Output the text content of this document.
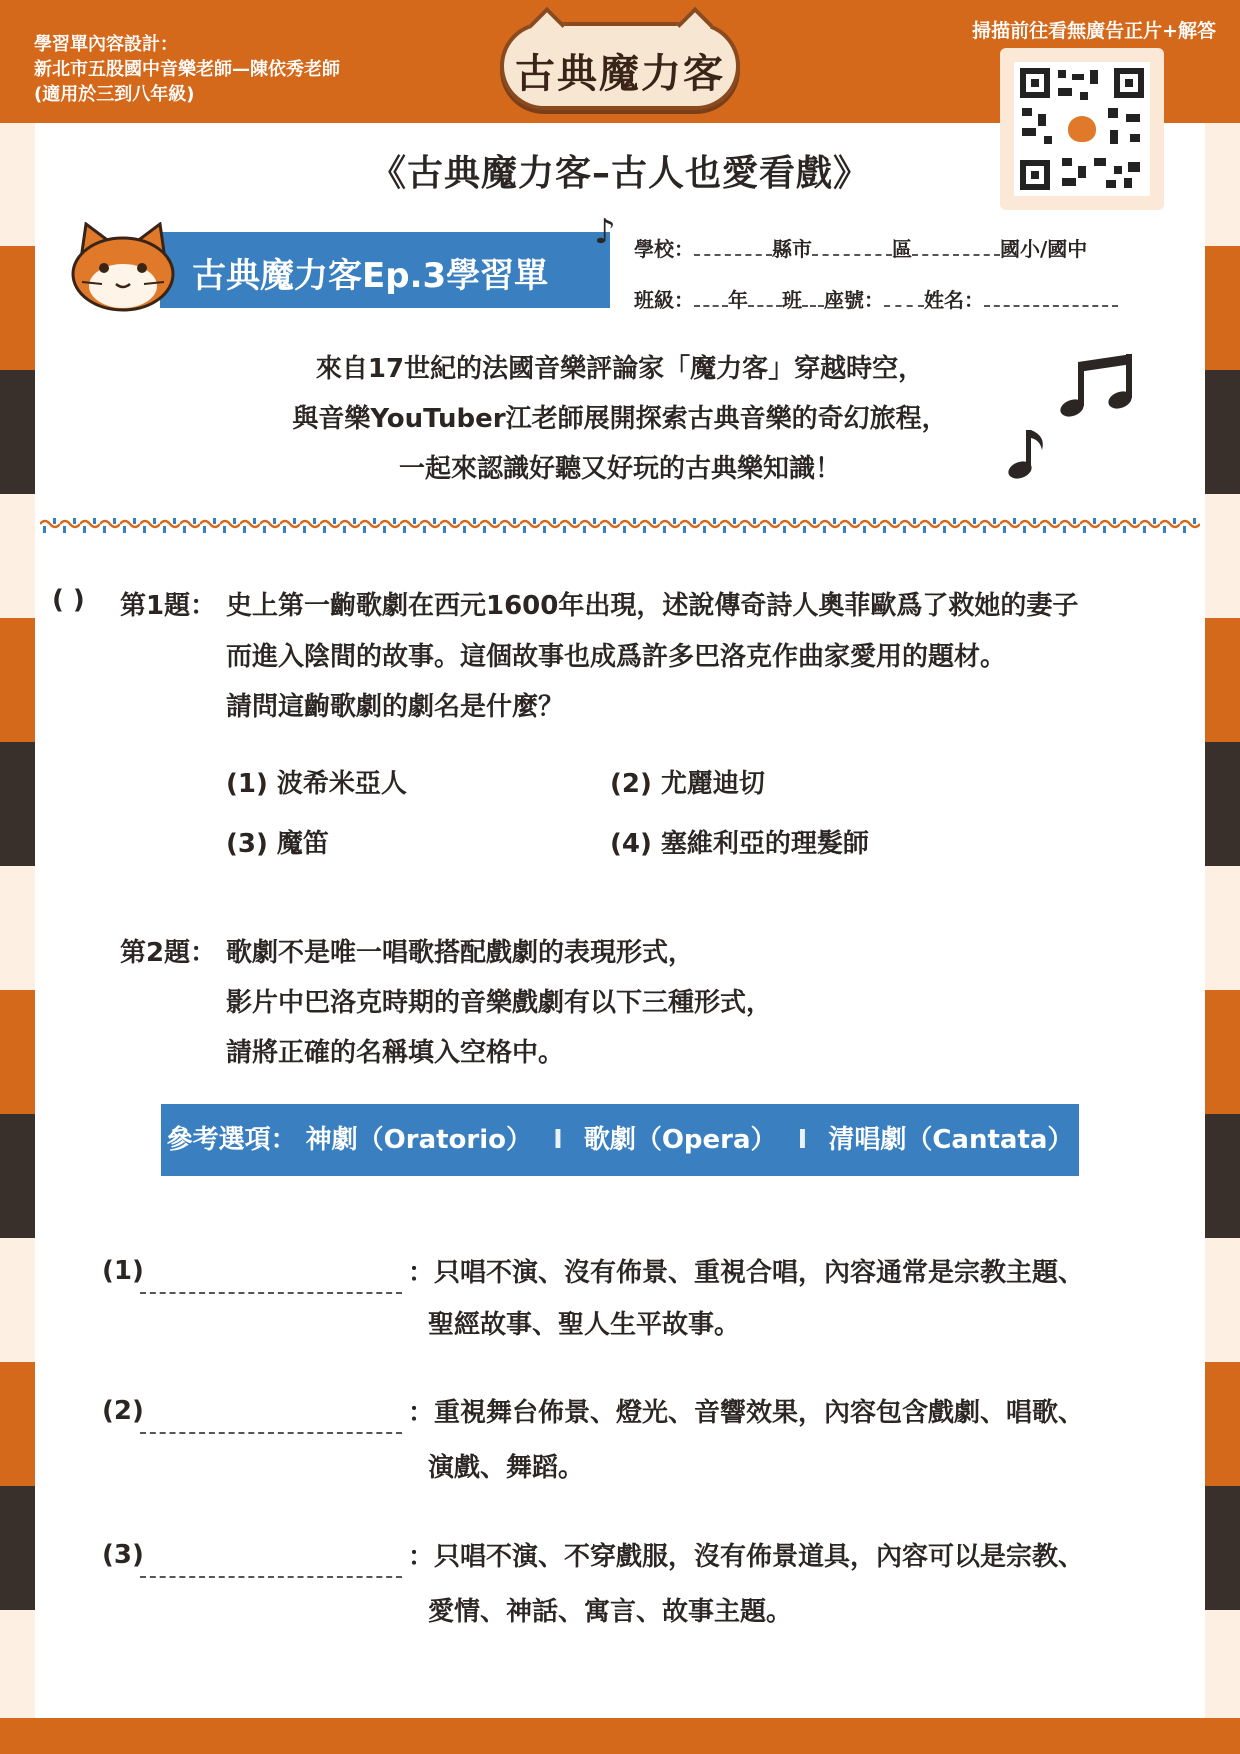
學習單內容設計：
新北市五股國中音樂老師—陳依秀老師
(適用於三到八年級)	古典魔力客
掃描前往看無廣告正片+解答
《古典魔力客–古人也愛看戲》
古典魔力客Ep.3學習單
♪ 學校：	縣市	區	國小/國中
班級： 年 班 座號： 姓名：
來自17世紀的法國音樂評論家「魔力客」穿越時空，
與音樂YouTuber江老師展開探索古典音樂的奇幻旅程，
一起來認識好聽又好玩的古典樂知識！
( ) 第1題： 史上第一齣歌劇在西元1600年出現，述說傳奇詩人奧菲歐爲了救她的妻子
而進入陰間的故事。這個故事也成爲許多巴洛克作曲家愛用的題材。
請問這齣歌劇的劇名是什麼？
(1) 波希米亞人	(2) 尤麗迪切
(3) 魔笛	(4) 塞維利亞的理髮師
第2題： 歌劇不是唯一唱歌搭配戲劇的表現形式，
影片中巴洛克時期的音樂戲劇有以下三種形式，
請將正確的名稱填入空格中。
參考選項： 神劇（Oratorio） I 歌劇（Opera） I 清唱劇（Cantata）
(1)	：只唱不演、沒有佈景、重視合唱，內容通常是宗教主題、
聖經故事、聖人生平故事。
(2)	：重視舞台佈景、燈光、音響效果，內容包含戲劇、唱歌、
演戲、舞蹈。
(3)	：只唱不演、不穿戲服，沒有佈景道具，內容可以是宗教、
愛情、神話、寓言、故事主題。
